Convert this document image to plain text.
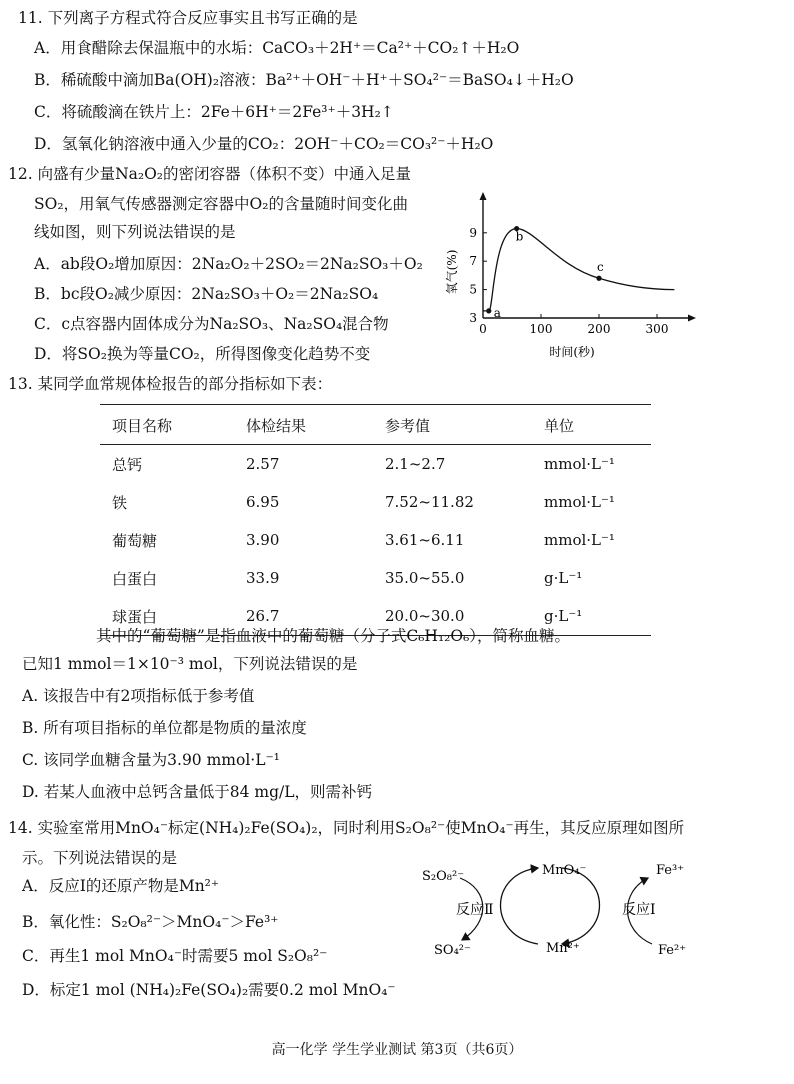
11. 下列离子方程式符合反应事实且书写正确的是
A．用食醋除去保温瓶中的水垢：CaCO₃＋2H⁺＝Ca²⁺＋CO₂↑＋H₂O
B．稀硫酸中滴加Ba(OH)₂溶液：Ba²⁺＋OH⁻＋H⁺＋SO₄²⁻＝BaSO₄↓＋H₂O
C．将硫酸滴在铁片上：2Fe＋6H⁺＝2Fe³⁺＋3H₂↑
D．氢氧化钠溶液中通入少量的CO₂：2OH⁻＋CO₂＝CO₃²⁻＋H₂O
12. 向盛有少量Na₂O₂的密闭容器（体积不变）中通入足量
SO₂，用氧气传感器测定容器中O₂的含量随时间变化曲
线如图，则下列说法错误的是
A．ab段O₂增加原因：2Na₂O₂＋2SO₂＝2Na₂SO₃＋O₂
B．bc段O₂减少原因：2Na₂SO₃＋O₂＝2Na₂SO₄
C．c点容器内固体成分为Na₂SO₃、Na₂SO₄混合物
D．将SO₂换为等量CO₂，所得图像变化趋势不变
氧气(%)
时间(秒)
3
5
7
9
0	100	200	300
a
b
c
13. 某同学血常规体检报告的部分指标如下表：
项目名称	体检结果	参考值	单位
总钙	2.57	2.1~2.7	mmol·L⁻¹
铁	6.95	7.52~11.82	mmol·L⁻¹
葡萄糖	3.90	3.61~6.11	mmol·L⁻¹
白蛋白	33.9	35.0~55.0	g·L⁻¹
球蛋白	26.7	20.0~30.0	g·L⁻¹
其中的“葡萄糖”是指血液中的葡萄糖（分子式C₆H₁₂O₆），简称血糖。
已知1 mmol＝1×10⁻³ mol，下列说法错误的是
A. 该报告中有2项指标低于参考值
B. 所有项目指标的单位都是物质的量浓度
C. 该同学血糖含量为3.90 mmol·L⁻¹
D. 若某人血液中总钙含量低于84 mg/L，则需补钙
14. 实验室常用MnO₄⁻标定(NH₄)₂Fe(SO₄)₂，同时利用S₂O₈²⁻使MnO₄⁻再生，其反应原理如图所
示。下列说法错误的是
A．反应Ⅰ的还原产物是Mn²⁺
B．氧化性：S₂O₈²⁻＞MnO₄⁻＞Fe³⁺
C．再生1 mol MnO₄⁻时需要5 mol S₂O₈²⁻
D．标定1 mol (NH₄)₂Fe(SO₄)₂需要0.2 mol MnO₄⁻
S₂O₈²⁻	MnO₄⁻	Fe³⁺
反应Ⅱ	反应Ⅰ
SO₄²⁻	Mn²⁺	Fe²⁺
高一化学 学生学业测试 第3页（共6页）
